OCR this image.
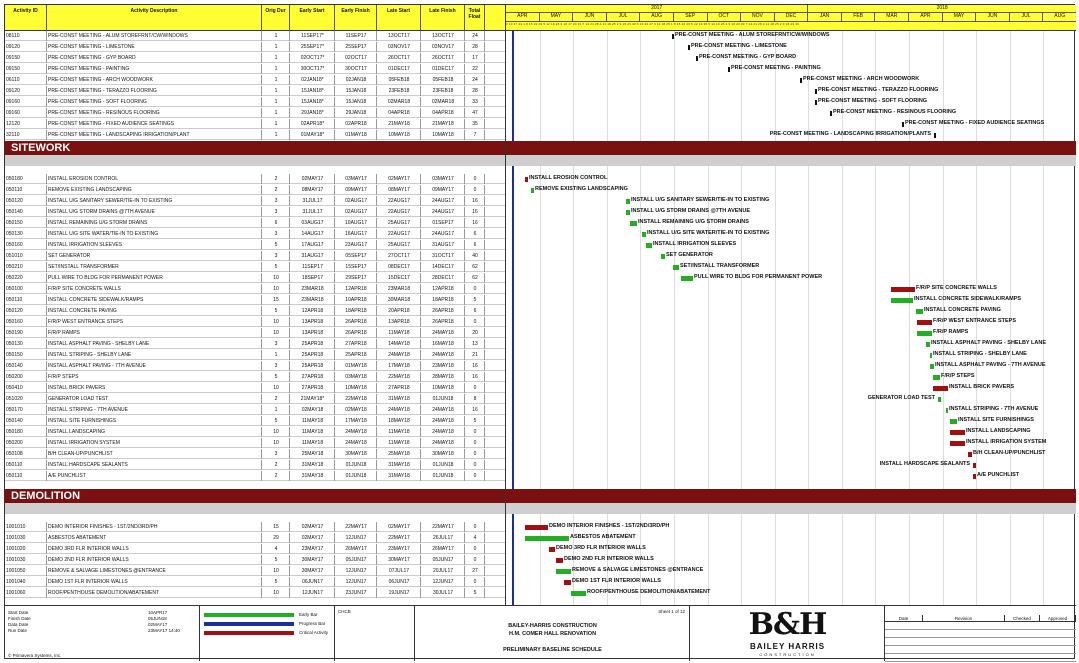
Activity ID	Activity Description	Orig Dur	Early Start	Early Finish	Late Start	Late Finish	Total Float
08110	PRE-CONST MEETING - ALUM STOREFRNT/CW/WINDOWS	1	11SEP17*	11SEP17	13OCT17	13OCT17	24
09120	PRE-CONST MEETING - LIMESTONE	1	25SEP17*	25SEP17	03NOV17	03NOV17	28
09150	PRE-CONST MEETING - GYP BOARD	1	02OCT17*	02OCT17	26OCT17	26OCT17	17
09150	PRE-CONST MEETING - PAINTING	1	30OCT17*	30OCT17	01DEC17	01DEC17	22
06110	PRE-CONST MEETING - ARCH WOODWORK	1	02JAN18*	02JAN18	05FEB18	05FEB18	24
09120	PRE-CONST MEETING - TERAZZO FLOORING	1	15JAN18*	15JAN18	23FEB18	23FEB18	28
09160	PRE-CONST MEETING - SOFT FLOORING	1	15JAN18*	15JAN18	02MAR18	02MAR18	33
09160	PRE-CONST MEETING - RESINOUS FLOORING	1	29JAN18*	29JAN18	04APR18	04APR18	47
12120	PRE-CONST MEETING - FIXED AUDIENCE SEATINGS	1	02APR18*	02APR18	21MAY18	21MAY18	35
32110	PRE-CONST MEETING - LANDSCAPING IRRIGATION/PLANT	1	01MAY18*	01MAY18	10MAY18	10MAY18	7
SITEWORK
050180	INSTALL EROSION CONTROL	2	02MAY17	03MAY17	02MAY17	03MAY17	0
050110	REMOVE EXISTING LANDSCAPING	2	08MAY17	09MAY17	08MAY17	09MAY17	0
050120	INSTALL U/G SANITARY SEWER/TIE-IN TO EXISTING	3	31JUL17	02AUG17	22AUG17	24AUG17	16
050140	INSTALL U/G STORM DRAINS @7TH AVENUE	3	31JUL17	02AUG17	22AUG17	24AUG17	16
050150	INSTALL REMAINING U/G STORM DRAINS	6	03AUG17	10AUG17	25AUG17	01SEP17	16
050130	INSTALL U/G SITE WATER/TIE-IN TO EXISTING	3	14AUG17	16AUG17	22AUG17	24AUG17	6
050160	INSTALL IRRIGATION SLEEVES	5	17AUG17	23AUG17	25AUG17	31AUG17	6
051010	SET GENERATOR	3	31AUG17	05SEP17	27OCT17	31OCT17	40
050210	SET/INSTALL TRANSFORMER	5	11SEP17	15SEP17	08DEC17	14DEC17	62
050220	PULL WIRE TO BLDG FOR PERMANENT POWER	10	18SEP17	29SEP17	15DEC17	28DEC17	62
050100	F/R/P SITE CONCRETE WALLS	10	23MAR18	12APR18	23MAR18	12APR18	0
050110	INSTALL CONCRETE SIDEWALK/RAMPS	15	23MAR18	10APR18	30MAR18	18APR18	5
050120	INSTALL CONCRETE PAVING	5	12APR18	18APR18	20APR18	26APR18	6
050160	F/R/P WEST ENTRANCE STEPS	10	13APR18	26APR18	13APR18	26APR18	0
050190	F/R/P RAMPS	10	13APR18	26APR18	11MAY18	24MAY18	20
050130	INSTALL ASPHALT PAVING - SHELBY LANE	3	25APR18	27APR18	14MAY18	16MAY18	13
050150	INSTALL STRIPING - SHELBY LANE	1	25APR18	25APR18	24MAY18	24MAY18	21
050140	INSTALL ASPHALT PAVING - 7TH AVENUE	3	25APR18	01MAY18	17MAY18	23MAY18	16
050200	F/R/P STEPS	5	27APR18	03MAY18	22MAY18	28MAY18	16
050410	INSTALL BRICK PAVERS	10	27APR18	10MAY18	27APR18	10MAY18	0
051020	GENERATOR LOAD TEST	2	21MAY18*	22MAY18	31MAY18	01JUN18	8
050170	INSTALL STRIPING - 7TH AVENUE	1	02MAY18	02MAY18	24MAY18	24MAY18	16
050140	INSTALL SITE FURNISHINGS	5	11MAY18	17MAY18	18MAY18	24MAY18	5
050180	INSTALL LANDSCAPING	10	11MAY18	24MAY18	11MAY18	24MAY18	0
050200	INSTALL IRRIGATION SYSTEM	10	11MAY18	24MAY18	11MAY18	24MAY18	0
050108	B/H CLEAN-UP/PUNCHLIST	3	25MAY18	30MAY18	25MAY18	30MAY18	0
050110	INSTALL HARDSCAPE SEALANTS	2	31MAY18	01JUN18	31MAY18	01JUN18	0
050110	A/E PUNCHLIST	2	31MAY18	01JUN18	31MAY18	01JUN18	0
DEMOLITION
1001010	DEMO INTERIOR FINISHES - 1ST/2ND/3RD/PH	15	02MAY17	22MAY17	02MAY17	22MAY17	0
1001030	ASBESTOS ABATEMENT	29	02MAY17	12JUN17	22MAY17	26JUL17	4
1001020	DEMO 3RD FLR INTERIOR WALLS	4	23MAY17	26MAY17	23MAY17	26MAY17	0
1001030	DEMO 2ND FLR INTERIOR WALLS	5	30MAY17	05JUN17	30MAY17	05JUN17	0
1001050	REMOVE & SALVAGE LIMESTONES @ENTRANCE	10	30MAY17	12JUN17	07JUL17	20JUL17	27
1001040	DEMO 1ST FLR INTERIOR WALLS	5	06JUN17	12JUN17	06JUN17	12JUN17	0
1001060	ROOF/PENTHOUSE DEMOLITION/ABATEMENT	10	12JUN17	23JUN17	19JUN17	30JUL17	5
2017	2018
APR	MAY	JUN	JUL	AUG	SEP	OCT	NOV	DEC	JAN	FEB	MAR	APR	MAY	JUN	JUL	AUG
3 10 17 24 1 8 15 22 29 5 12 19 26 3 10 17 24 31 7 14 21 28 4 11 18 25 2 9 16 23 30 6 13 20 27 4 11 18 25 1 8 15 22 29 5 12 19 26 5 12 19 26 2 9 16 23 30 7 14 21 28 4 11 18 25 2 9 16 23 30
PRE-CONST MEETING - ALUM STOREFRNT/CW/WINDOWS
PRE-CONST MEETING - LIMESTONE
PRE-CONST MEETING - GYP BOARD
PRE-CONST MEETING - PAINTING
PRE-CONST MEETING - ARCH WOODWORK
PRE-CONST MEETING - TERAZZO FLOORING
PRE-CONST MEETING - SOFT FLOORING
PRE-CONST MEETING - RESINOUS FLOORING
PRE-CONST MEETING - FIXED AUDIENCE SEATINGS
PRE-CONST MEETING - LANDSCAPING IRRIGATION/PLANTS
INSTALL EROSION CONTROL
REMOVE EXISTING LANDSCAPING
INSTALL U/G SANITARY SEWER/TIE-IN TO EXISTING
INSTALL U/G STORM DRAINS @7TH AVENUE
INSTALL REMAINING U/G STORM DRAINS
INSTALL U/G SITE WATER/TIE-IN TO EXISTING
INSTALL IRRIGATION SLEEVES
SET GENERATOR
SET/INSTALL TRANSFORMER
PULL WIRE TO BLDG FOR PERMANENT POWER
F/R/P SITE CONCRETE WALLS
INSTALL CONCRETE SIDEWALK/RAMPS
INSTALL CONCRETE PAVING
F/R/P WEST ENTRANCE STEPS
F/R/P RAMPS
INSTALL ASPHALT PAVING - SHELBY LANE
INSTALL STRIPING - SHELBY LANE
INSTALL ASPHALT PAVING - 7TH AVENUE
F/R/P STEPS
INSTALL BRICK PAVERS
GENERATOR LOAD TEST
INSTALL STRIPING - 7TH AVENUE
INSTALL SITE FURNISHINGS
INSTALL LANDSCAPING
INSTALL IRRIGATION SYSTEM
B/H CLEAN-UP/PUNCHLIST
INSTALL HARDSCAPE SEALANTS
A/E PUNCHLIST
DEMO INTERIOR FINISHES - 1ST/2ND/3RD/PH
ASBESTOS ABATEMENT
DEMO 3RD FLR INTERIOR WALLS
DEMO 2ND FLR INTERIOR WALLS
REMOVE & SALVAGE LIMESTONES @ENTRANCE
DEMO 1ST FLR INTERIOR WALLS
ROOF/PENTHOUSE DEMOLITION/ABATEMENT
Start Date	10APR17
Finish Date	05JUN18
Data Date	02MAY17
Run Date	23MAY17 14:40
© Primavera Systems, Inc.
Early Bar
Progress Bar
Critical Activity
CHCB	Sheet 1 of 12
BAILEY-HARRIS CONSTRUCTION
H.M. COMER HALL RENOVATION
PRELIMINARY BASELINE SCHEDULE
B&H
BAILEY HARRIS
CONSTRUCTION
Date	Revision	Checked	Approved
